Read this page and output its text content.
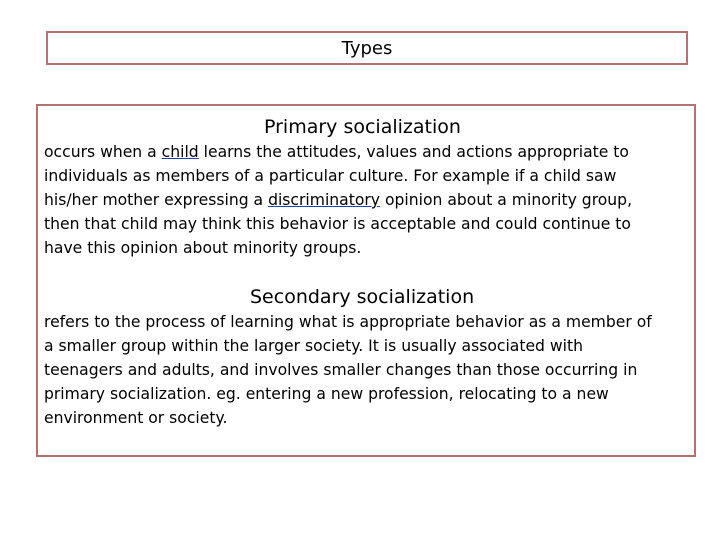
Types
Primary socialization
occurs when a child learns the attitudes, values and actions appropriate to
individuals as members of a particular culture. For example if a child saw
his/her mother expressing a discriminatory opinion about a minority group,
then that child may think this behavior is acceptable and could continue to
have this opinion about minority groups.
Secondary socialization
refers to the process of learning what is appropriate behavior as a member of
a smaller group within the larger society. It is usually associated with
teenagers and adults, and involves smaller changes than those occurring in
primary socialization. eg. entering a new profession, relocating to a new
environment or society.
